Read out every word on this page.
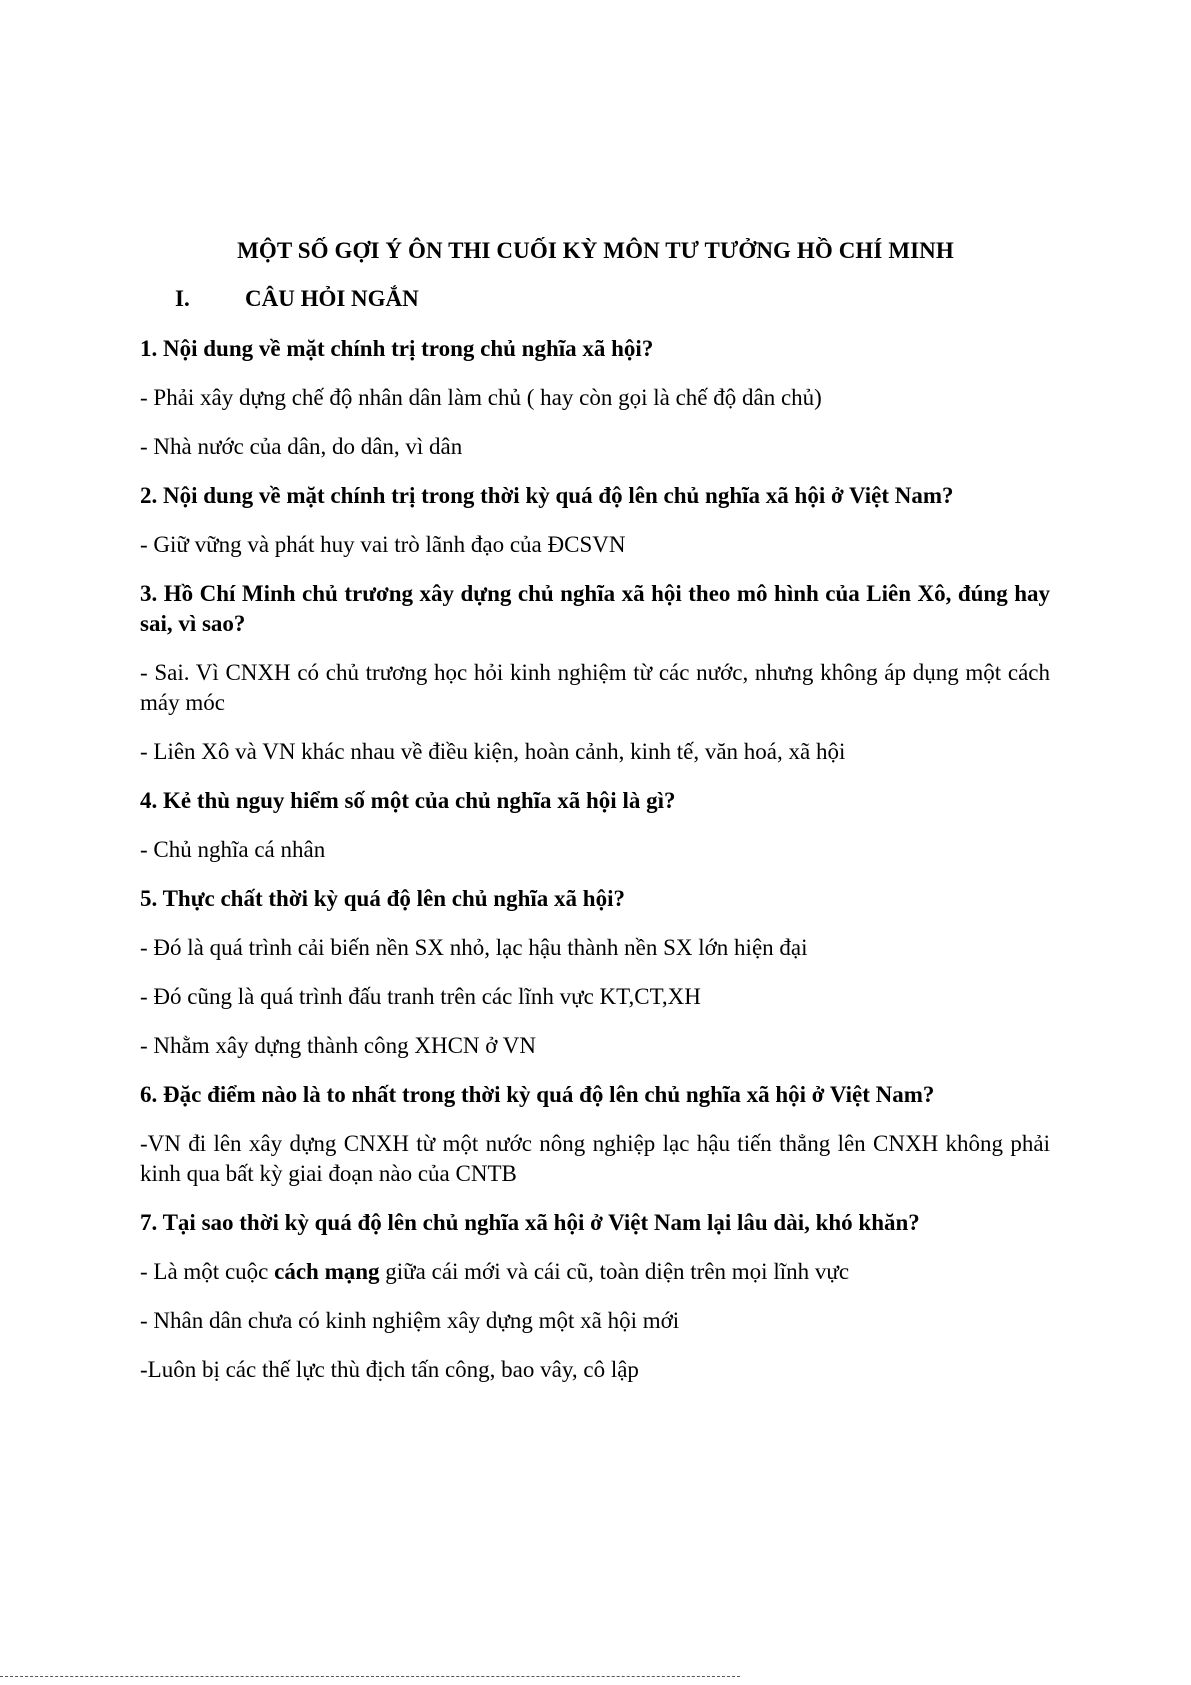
MỘT SỐ GỢI Ý ÔN THI CUỐI KỲ MÔN TƯ TƯỞNG HỒ CHÍ MINH
I. CÂU HỎI NGẮN
1. Nội dung về mặt chính trị trong chủ nghĩa xã hội?
- Phải xây dựng chế độ nhân dân làm chủ ( hay còn gọi là chế độ dân chủ)
- Nhà nước của dân, do dân, vì dân
2. Nội dung về mặt chính trị trong thời kỳ quá độ lên chủ nghĩa xã hội ở Việt Nam?
- Giữ vững và phát huy vai trò lãnh đạo của ĐCSVN
3. Hồ Chí Minh chủ trương xây dựng chủ nghĩa xã hội theo mô hình của Liên Xô, đúng hay sai, vì sao?
- Sai. Vì CNXH có chủ trương học hỏi kinh nghiệm từ các nước, nhưng không áp dụng một cách máy móc
- Liên Xô và VN khác nhau về điều kiện, hoàn cảnh, kinh tế, văn hoá, xã hội
4. Kẻ thù nguy hiểm số một của chủ nghĩa xã hội là gì?
- Chủ nghĩa cá nhân
5. Thực chất thời kỳ quá độ lên chủ nghĩa xã hội?
- Đó là quá trình cải biến nền SX nhỏ, lạc hậu thành nền SX lớn hiện đại
- Đó cũng là quá trình đấu tranh trên các lĩnh vực KT,CT,XH
- Nhằm xây dựng thành công XHCN ở VN
6. Đặc điểm nào là to nhất trong thời kỳ quá độ lên chủ nghĩa xã hội ở Việt Nam?
-VN đi lên xây dựng CNXH từ một nước nông nghiệp lạc hậu tiến thẳng lên CNXH không phải kinh qua bất kỳ giai đoạn nào của CNTB
7. Tại sao thời kỳ quá độ lên chủ nghĩa xã hội ở Việt Nam lại lâu dài, khó khăn?
- Là một cuộc cách mạng giữa cái mới và cái cũ, toàn diện trên mọi lĩnh vực
- Nhân dân chưa có kinh nghiệm xây dựng một xã hội mới
-Luôn bị các thế lực thù địch tấn công, bao vây, cô lập
